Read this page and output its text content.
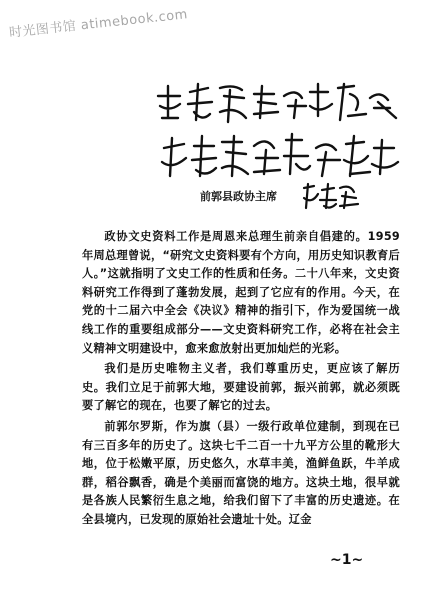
时光图书馆 atimebook.com
前郭县政协主席

政协文史资料工作是周恩来总理生前亲自倡建的。1959年周总理曾说，“研究文史资料要有个方向，用历史知识教育后人。”这就指明了文史工作的性质和任务。二十八年来，文史资料研究工作得到了蓬勃发展，起到了它应有的作用。今天，在党的十二届六中全会《决议》精神的指引下，作为爱国统一战线工作的重要组成部分——文史资料研究工作，必将在社会主义精神文明建设中，愈来愈放射出更加灿烂的光彩。

我们是历史唯物主义者，我们尊重历史，更应该了解历史。我们立足于前郭大地，要建设前郭，振兴前郭，就必须既要了解它的现在，也要了解它的过去。

前郭尔罗斯，作为旗（县）一级行政单位建制，到现在已有三百多年的历史了。这块七千二百一十九平方公里的靴形大地，位于松嫩平原，历史悠久，水草丰美，渔鲜鱼跃，牛羊成群，稻谷飘香，确是个美丽而富饶的地方。这块土地，很早就是各族人民繁衍生息之地，给我们留下了丰富的历史遗迹。在全县境内，已发现的原始社会遗址十处。辽金

~1~
